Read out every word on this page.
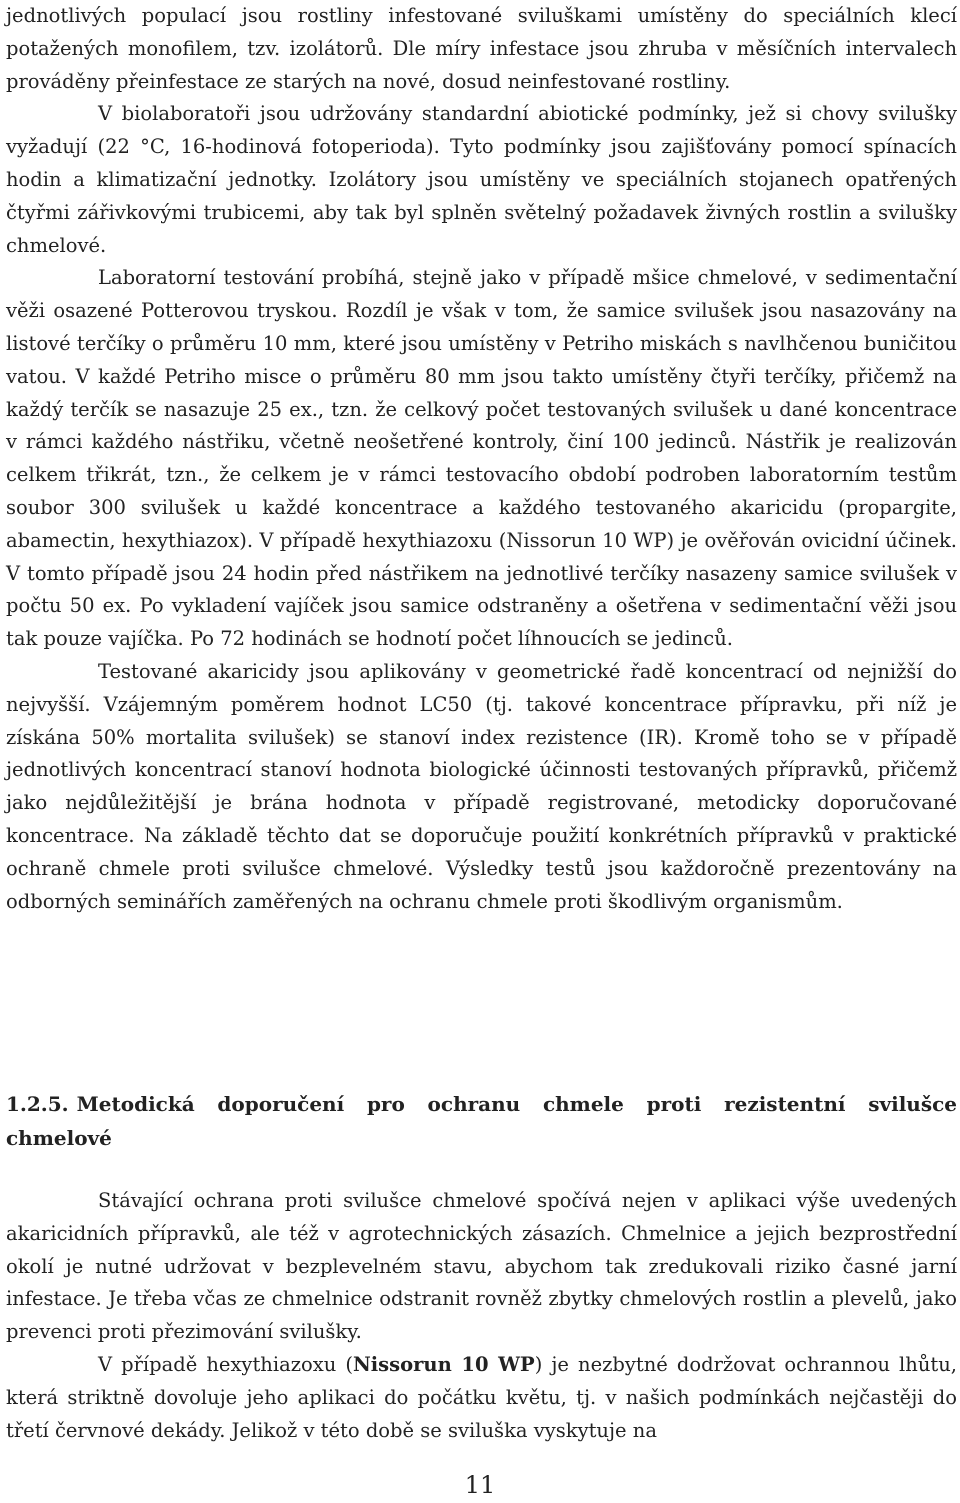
jednotlivých populací jsou rostliny infestované sviluškami umístěny do speciálních klecí potažených monofilem, tzv. izolátorů. Dle míry infestace jsou zhruba v měsíčních intervalech prováděny přeinfestace ze starých na nové, dosud neinfestované rostliny.

V biolaboratoři jsou udržovány standardní abiotické podmínky, jež si chovy svilušky vyžadují (22 °C, 16-hodinová fotoperioda). Tyto podmínky jsou zajišťovány pomocí spínacích hodin a klimatizační jednotky. Izolátory jsou umístěny ve speciálních stojanech opatřených čtyřmi zářivkovými trubicemi, aby tak byl splněn světelný požadavek živných rostlin a svilušky chmelové.

Laboratorní testování probíhá, stejně jako v případě mšice chmelové, v sedimentační věži osazené Potterovou tryskou. Rozdíl je však v tom, že samice svilušek jsou nasazovány na listové terčíky o průměru 10 mm, které jsou umístěny v Petriho miskách s navlhčenou buničitou vatou. V každé Petriho misce o průměru 80 mm jsou takto umístěny čtyři terčíky, přičemž na každý terčík se nasazuje 25 ex., tzn. že celkový počet testovaných svilušek u dané koncentrace v rámci každého nástřiku, včetně neošetřené kontroly, činí 100 jedinců. Nástřik je realizován celkem třikrát, tzn., že celkem je v rámci testovacího období podroben laboratorním testům soubor 300 svilušek u každé koncentrace a každého testovaného akaricidu (propargite, abamectin, hexythiazox). V případě hexythiazoxu (Nissorun 10 WP) je ověřován ovicidní účinek. V tomto případě jsou 24 hodin před nástřikem na jednotlivé terčíky nasazeny samice svilušek v počtu 50 ex. Po vykladení vajíček jsou samice odstraněny a ošetřena v sedimentační věži jsou tak pouze vajíčka. Po 72 hodinách se hodnotí počet líhnoucích se jedinců.

Testované akaricidy jsou aplikovány v geometrické řadě koncentrací od nejnižší do nejvyšší. Vzájemným poměrem hodnot LC50 (tj. takové koncentrace přípravku, při níž je získána 50% mortalita svilušek) se stanoví index rezistence (IR). Kromě toho se v případě jednotlivých koncentrací stanoví hodnota biologické účinnosti testovaných přípravků, přičemž jako nejdůležitější je brána hodnota v případě registrované, metodicky doporučované koncentrace. Na základě těchto dat se doporučuje použití konkrétních přípravků v praktické ochraně chmele proti svilušce chmelové. Výsledky testů jsou každoročně prezentovány na odborných seminářích zaměřených na ochranu chmele proti škodlivým organismům.

Stávající ochrana proti svilušce chmelové spočívá nejen v aplikaci výše uvedených akaricidních přípravků, ale též v agrotechnických zásazích. Chmelnice a jejich bezprostřední okolí je nutné udržovat v bezplevelném stavu, abychom tak zredukovali riziko časné jarní infestace. Je třeba včas ze chmelnice odstranit rovněž zbytky chmelových rostlin a plevelů, jako prevenci proti přezimování svilušky.

V případě hexythiazoxu (Nissorun 10 WP) je nezbytné dodržovat ochrannou lhůtu, která striktně dovoluje jeho aplikaci do počátku květu, tj. v našich podmínkách nejčastěji do třetí červnové dekády. Jelikož v této době se sviluška vyskytuje na

1.2.5. Metodická doporučení pro ochranu chmele proti rezistentní svilušce chmelové
11
